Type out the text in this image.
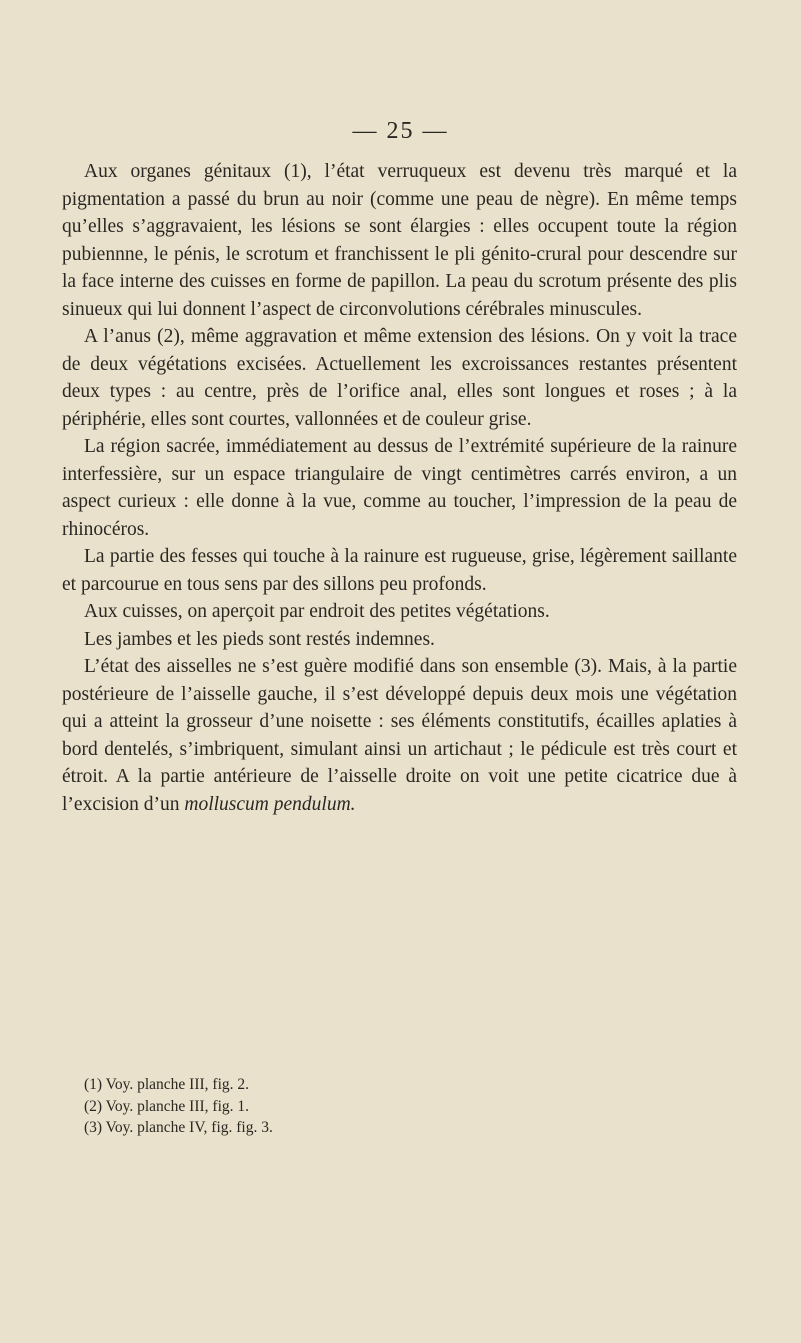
— 25 —

Aux organes génitaux (1), l’état verruqueux est devenu très marqué et la pigmentation a passé du brun au noir (comme une peau de nègre). En même temps qu’elles s’aggravaient, les lésions se sont élargies : elles occupent toute la région pubiennne, le pénis, le scrotum et franchissent le pli génito-crural pour descendre sur la face interne des cuisses en forme de papillon. La peau du scrotum présente des plis sinueux qui lui donnent l’aspect de circonvolutions cérébrales minuscules.

A l’anus (2), même aggravation et même extension des lésions. On y voit la trace de deux végétations excisées. Actuellement les excroissances restantes présentent deux types : au centre, près de l’orifice anal, elles sont longues et roses ; à la périphérie, elles sont courtes, vallonnées et de couleur grise.

La région sacrée, immédiatement au dessus de l’extrémité supérieure de la rainure interfessière, sur un espace triangulaire de vingt centimètres carrés environ, a un aspect curieux : elle donne à la vue, comme au toucher, l’impression de la peau de rhinocéros.

La partie des fesses qui touche à la rainure est rugueuse, grise, légèrement saillante et parcourue en tous sens par des sillons peu profonds.

Aux cuisses, on aperçoit par endroit des petites végétations.

Les jambes et les pieds sont restés indemnes.

L’état des aisselles ne s’est guère modifié dans son ensemble (3). Mais, à la partie postérieure de l’aisselle gauche, il s’est développé depuis deux mois une végétation qui a atteint la grosseur d’une noisette : ses éléments constitutifs, écailles aplaties à bord dentelés, s’imbriquent, simulant ainsi un artichaut ; le pédicule est très court et étroit. A la partie antérieure de l’aisselle droite on voit une petite cicatrice due à l’excision d’un molluscum pendulum.

(1) Voy. planche III, fig. 2.
(2) Voy. planche III, fig. 1.
(3) Voy. planche IV, fig. fig. 3.
